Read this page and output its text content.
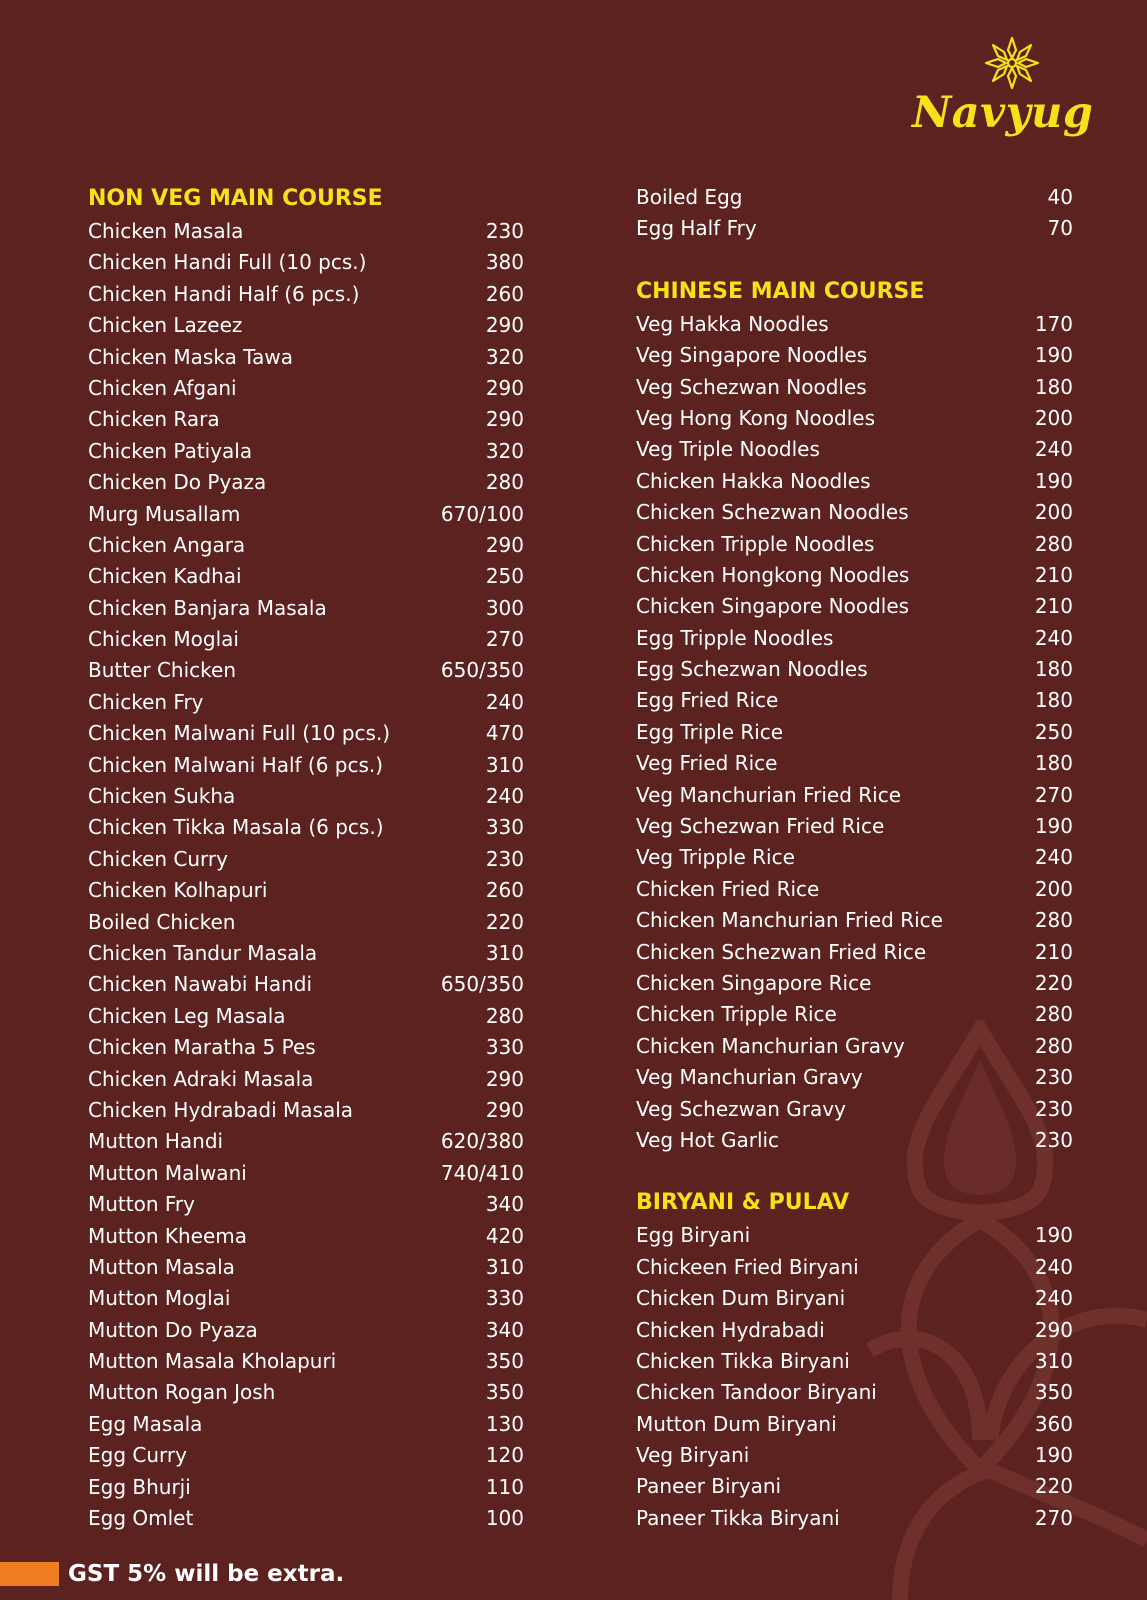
Navyug
NON VEG MAIN COURSE
Chicken Masala	230
Chicken Handi Full (10 pcs.)	380
Chicken Handi Half (6 pcs.)	260
Chicken Lazeez	290
Chicken Maska Tawa	320
Chicken Afgani	290
Chicken Rara	290
Chicken Patiyala	320
Chicken Do Pyaza	280
Murg Musallam	670/100
Chicken Angara	290
Chicken Kadhai	250
Chicken Banjara Masala	300
Chicken Moglai	270
Butter Chicken	650/350
Chicken Fry	240
Chicken Malwani Full (10 pcs.)	470
Chicken Malwani Half (6 pcs.)	310
Chicken Sukha	240
Chicken Tikka Masala (6 pcs.)	330
Chicken Curry	230
Chicken Kolhapuri	260
Boiled Chicken	220
Chicken Tandur Masala	310
Chicken Nawabi Handi	650/350
Chicken Leg Masala	280
Chicken Maratha 5 Pes	330
Chicken Adraki Masala	290
Chicken Hydrabadi Masala	290
Mutton Handi	620/380
Mutton Malwani	740/410
Mutton Fry	340
Mutton Kheema	420
Mutton Masala	310
Mutton Moglai	330
Mutton Do Pyaza	340
Mutton Masala Kholapuri	350
Mutton Rogan Josh	350
Egg Masala	130
Egg Curry	120
Egg Bhurji	110
Egg Omlet	100
Boiled Egg	40
Egg Half Fry	70
CHINESE MAIN COURSE
Veg Hakka Noodles	170
Veg Singapore Noodles	190
Veg Schezwan Noodles	180
Veg Hong Kong Noodles	200
Veg Triple Noodles	240
Chicken Hakka Noodles	190
Chicken Schezwan Noodles	200
Chicken Tripple Noodles	280
Chicken Hongkong Noodles	210
Chicken Singapore Noodles	210
Egg Tripple Noodles	240
Egg Schezwan Noodles	180
Egg Fried Rice	180
Egg Triple Rice	250
Veg Fried Rice	180
Veg Manchurian Fried Rice	270
Veg Schezwan Fried Rice	190
Veg Tripple Rice	240
Chicken Fried Rice	200
Chicken Manchurian Fried Rice	280
Chicken Schezwan Fried Rice	210
Chicken Singapore Rice	220
Chicken Tripple Rice	280
Chicken Manchurian Gravy	280
Veg Manchurian Gravy	230
Veg Schezwan Gravy	230
Veg Hot Garlic	230
BIRYANI & PULAV
Egg Biryani	190
Chickeen Fried Biryani	240
Chicken Dum Biryani	240
Chicken Hydrabadi	290
Chicken Tikka Biryani	310
Chicken Tandoor Biryani	350
Mutton Dum Biryani	360
Veg Biryani	190
Paneer Biryani	220
Paneer Tikka Biryani	270
GST 5% will be extra.
